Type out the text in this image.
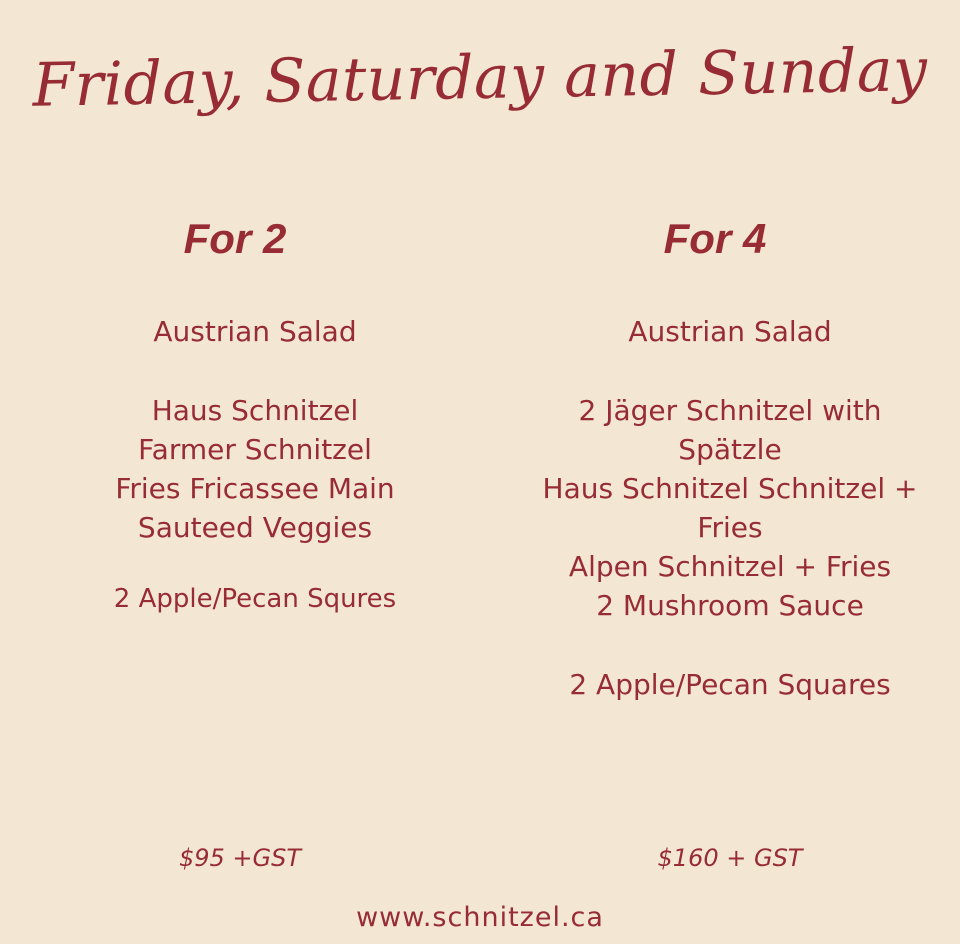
Friday, Saturday and Sunday
For 2
Austrian Salad
Haus Schnitzel
Farmer Schnitzel
Fries Fricassee Main
Sauteed Veggies
2 Apple/Pecan Squres
For 4
Austrian Salad
2 Jäger Schnitzel with
Spätzle
Haus Schnitzel Schnitzel +
Fries
Alpen Schnitzel + Fries
2 Mushroom Sauce
2 Apple/Pecan Squares
$95 +GST	$160 + GST
www.schnitzel.ca
